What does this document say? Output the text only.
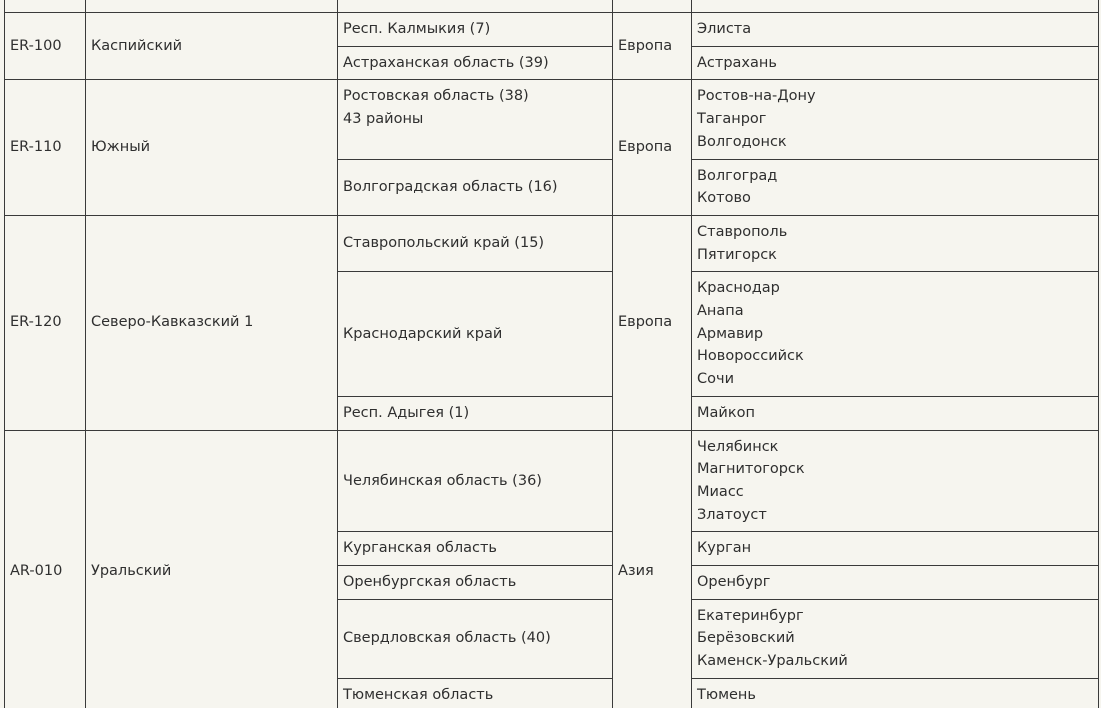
ER-100	Каспийский	Респ. Калмыкия (7)	Европа	Элиста

		Астраханская область (39)		Астрахань

ER-110	Южный	Ростовская область (38)
43 районы	Европа	Ростов-на-Дону
Таганрог
Волгодонск

		Волгоградская область (16)		Волгоград
Котово

ER-120	Северо-Кавказский 1	Ставропольский край (15)	Европа	Ставрополь
Пятигорск

		Краснодарский край		Краснодар
Анапа
Армавир
Новороссийск
Сочи

		Респ. Адыгея (1)		Майкоп

AR-010	Уральский	Челябинская область (36)	Азия	Челябинск
Магнитогорск
Миасс
Златоуст

		Курганская область		Курган

		Оренбургская область		Оренбург

		Свердловская область (40)		Екатеринбург
Берёзовский
Каменск-Уральский

		Тюменская область		Тюмень
